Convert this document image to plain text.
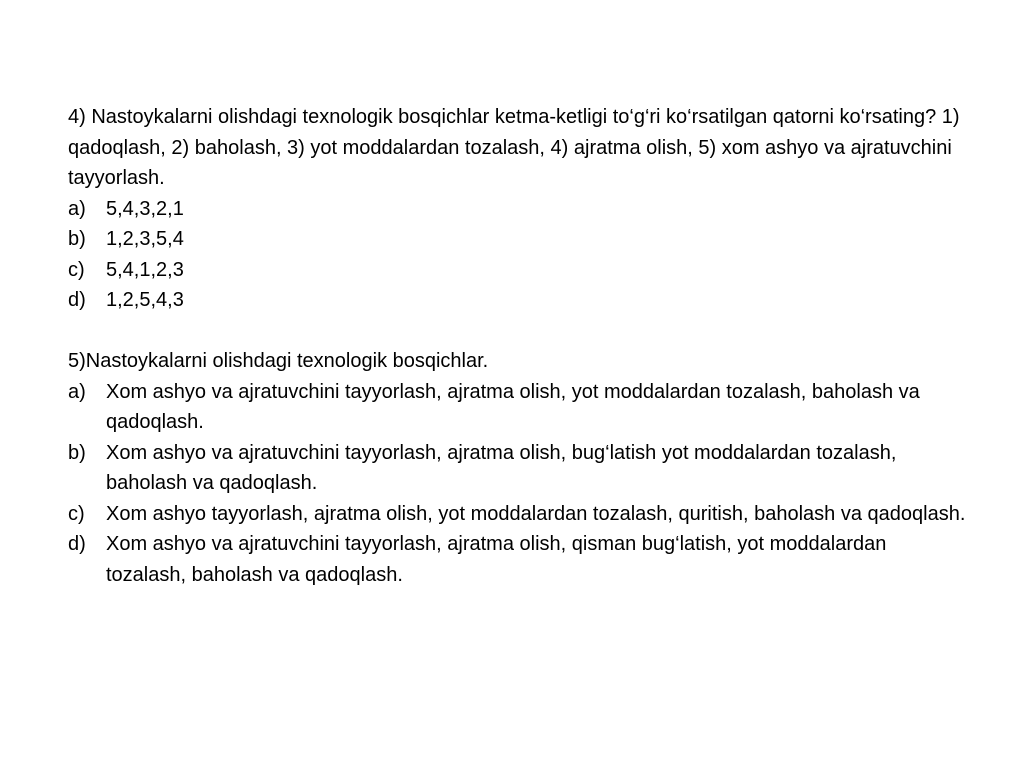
4) Nastoykalarni olishdagi texnologik bosqichlar ketma-ketligi to‘g‘ri ko‘rsatilgan qatorni ko‘rsating? 1) qadoqlash, 2) baholash, 3) yot moddalardan tozalash, 4) ajratma olish, 5) xom ashyo va ajratuvchini tayyorlash.

a) 5,4,3,2,1
b) 1,2,3,5,4
c) 5,4,1,2,3
d) 1,2,5,4,3

5)Nastoykalarni olishdagi texnologik bosqichlar.

a) Xom ashyo va ajratuvchini tayyorlash, ajratma olish, yot moddalardan tozalash, baholash va qadoqlash.
b) Xom ashyo va ajratuvchini tayyorlash, ajratma olish, bug‘latish yot moddalardan tozalash, baholash va qadoqlash.
c) Xom ashyo tayyorlash, ajratma olish, yot moddalardan tozalash, quritish, baholash va qadoqlash.
d) Xom ashyo va ajratuvchini tayyorlash, ajratma olish, qisman bug‘latish, yot moddalardan tozalash, baholash va qadoqlash.
